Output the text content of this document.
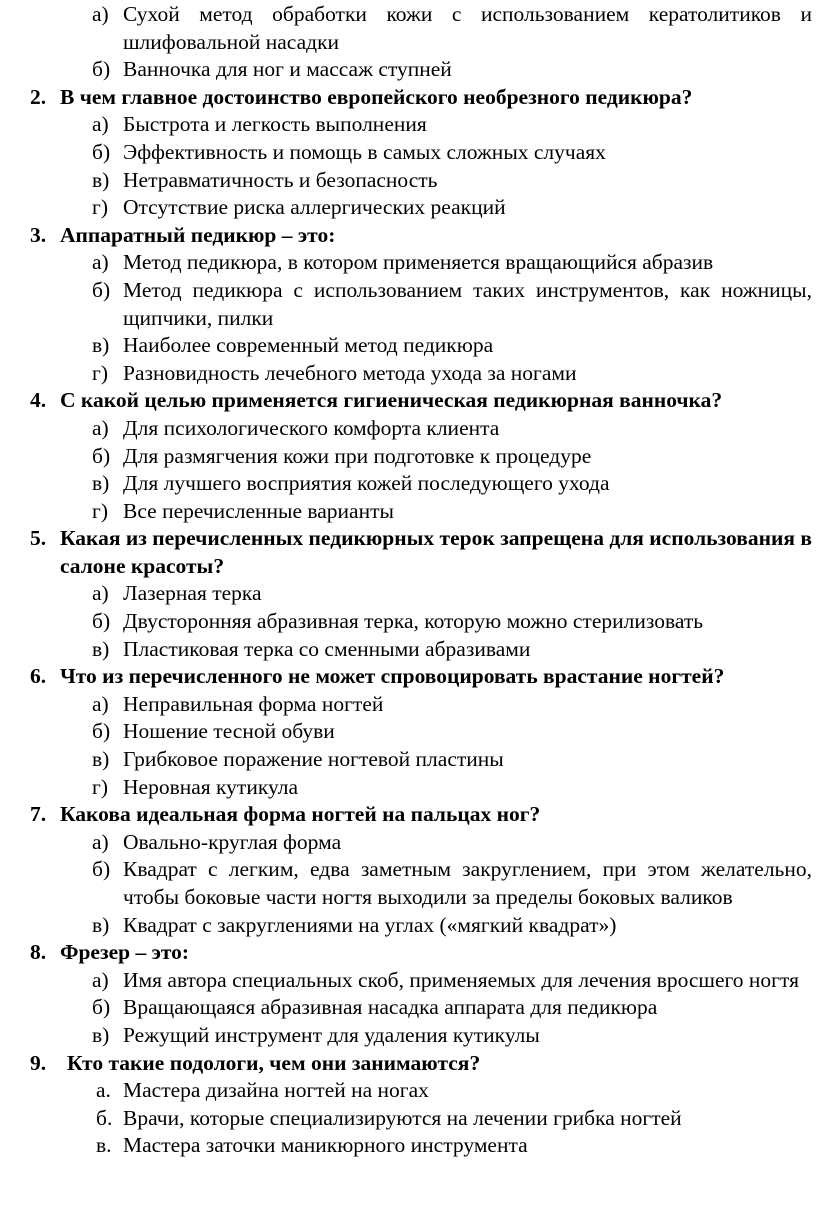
а) Сухой метод обработки кожи с использованием кератолитиков и шлифовальной насадки
б) Ванночка для ног и массаж ступней
2. В чем главное достоинство европейского необрезного педикюра?
а) Быстрота и легкость выполнения
б) Эффективность и помощь в самых сложных случаях
в) Нетравматичность и безопасность
г) Отсутствие риска аллергических реакций
3. Аппаратный педикюр – это:
а) Метод педикюра, в котором применяется вращающийся абразив
б) Метод педикюра с использованием таких инструментов, как ножницы, щипчики, пилки
в) Наиболее современный метод педикюра
г) Разновидность лечебного метода ухода за ногами
4. С какой целью применяется гигиеническая педикюрная ванночка?
а) Для психологического комфорта клиента
б) Для размягчения кожи при подготовке к процедуре
в) Для лучшего восприятия кожей последующего ухода
г) Все перечисленные варианты
5. Какая из перечисленных педикюрных терок запрещена для использования в салоне красоты?
а) Лазерная терка
б) Двусторонняя абразивная терка, которую можно стерилизовать
в) Пластиковая терка со сменными абразивами
6. Что из перечисленного не может спровоцировать врастание ногтей?
а) Неправильная форма ногтей
б) Ношение тесной обуви
в) Грибковое поражение ногтевой пластины
г) Неровная кутикула
7. Какова идеальная форма ногтей на пальцах ног?
а) Овально-круглая форма
б) Квадрат с легким, едва заметным закруглением, при этом желательно, чтобы боковые части ногтя выходили за пределы боковых валиков
в) Квадрат с закруглениями на углах («мягкий квадрат»)
8. Фрезер – это:
а) Имя автора специальных скоб, применяемых для лечения вросшего ногтя
б) Вращающаяся абразивная насадка аппарата для педикюра
в) Режущий инструмент для удаления кутикулы
9. Кто такие подологи, чем они занимаются?
а. Мастера дизайна ногтей на ногах
б. Врачи, которые специализируются на лечении грибка ногтей
в. Мастера заточки маникюрного инструмента
